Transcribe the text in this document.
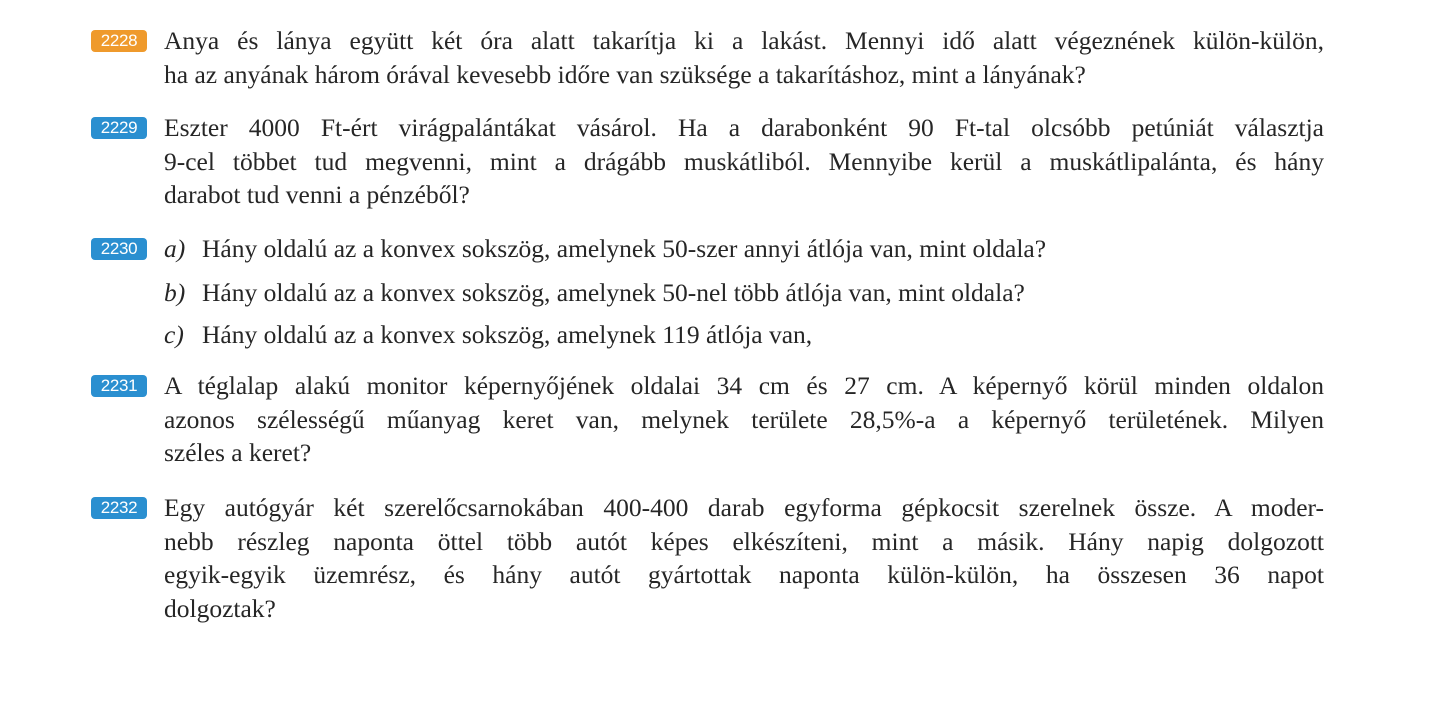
2228	Anya és lánya együtt két óra alatt takarítja ki a lakást. Mennyi idő alatt végeznének külön-külön,
ha az anyának három órával kevesebb időre van szüksége a takarításhoz, mint a lányának?
2229	Eszter 4000 Ft-ért virágpalántákat vásárol. Ha a darabonként 90 Ft-tal olcsóbb petúniát választja
9-cel többet tud megvenni, mint a drágább muskátliból. Mennyibe kerül a muskátlipalánta, és hány
darabot tud venni a pénzéből?
2230	a) Hány oldalú az a konvex sokszög, amelynek 50-szer annyi átlója van, mint oldala?
b) Hány oldalú az a konvex sokszög, amelynek 50-nel több átlója van, mint oldala?
c) Hány oldalú az a konvex sokszög, amelynek 119 átlója van,
2231	A téglalap alakú monitor képernyőjének oldalai 34 cm és 27 cm. A képernyő körül minden oldalon
azonos szélességű műanyag keret van, melynek területe 28,5%-a a képernyő területének. Milyen
széles a keret?
2232	Egy autógyár két szerelőcsarnokában 400-400 darab egyforma gépkocsit szerelnek össze. A moder-
nebb részleg naponta öttel több autót képes elkészíteni, mint a másik. Hány napig dolgozott
egyik-egyik üzemrész, és hány autót gyártottak naponta külön-külön, ha összesen 36 napot
dolgoztak?
